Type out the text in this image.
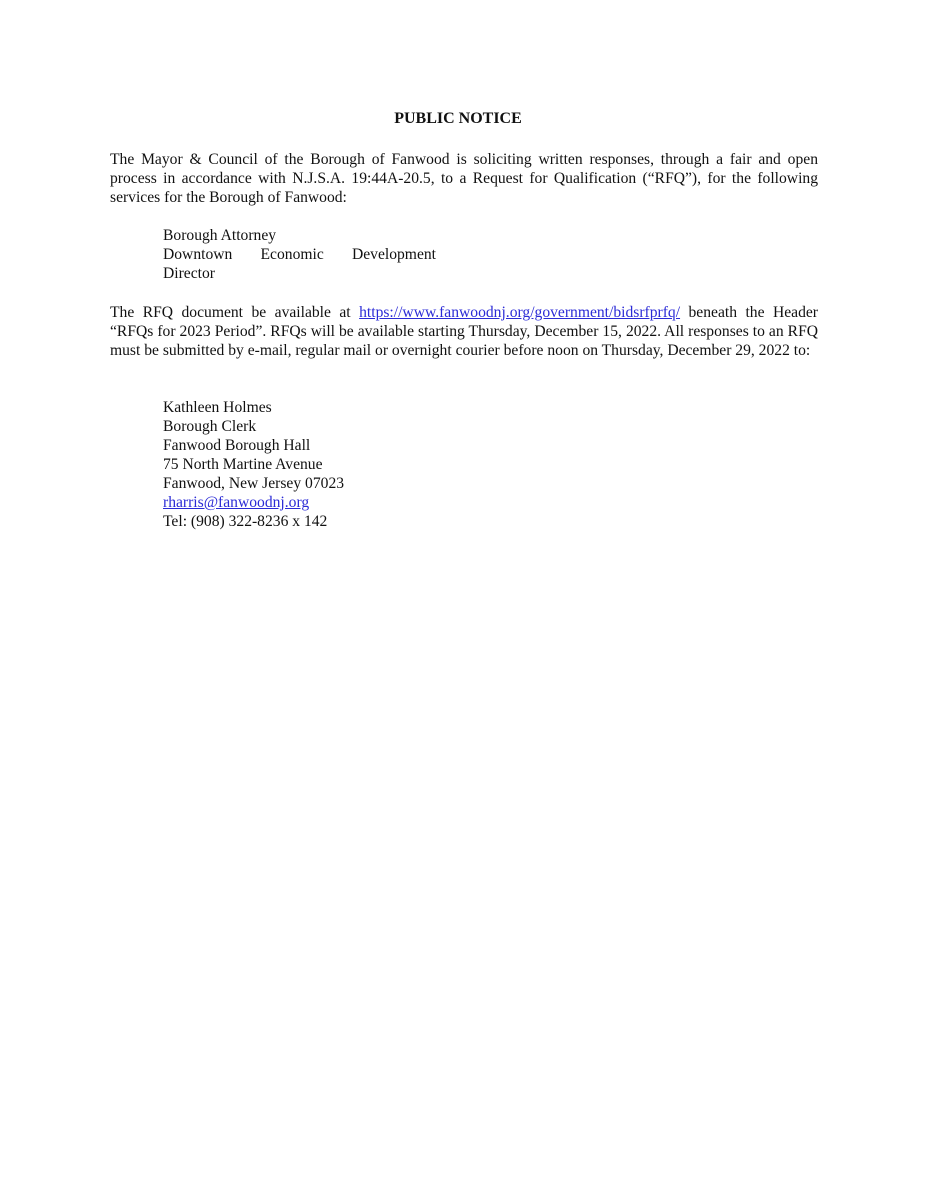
PUBLIC NOTICE

The Mayor & Council of the Borough of Fanwood is soliciting written responses, through a fair and open process in accordance with N.J.S.A. 19:44A-20.5, to a Request for Qualification (“RFQ”), for the following services for the Borough of Fanwood:

Borough Attorney
Downtown Economic Development
Director

The RFQ document be available at https://www.fanwoodnj.org/government/bidsrfprfq/ beneath the Header “RFQs for 2023 Period”. RFQs will be available starting Thursday, December 15, 2022. All responses to an RFQ must be submitted by e-mail, regular mail or overnight courier before noon on Thursday, December 29, 2022 to:

Kathleen Holmes
Borough Clerk
Fanwood Borough Hall
75 North Martine Avenue
Fanwood, New Jersey 07023
rharris@fanwoodnj.org
Tel: (908) 322-8236 x 142
